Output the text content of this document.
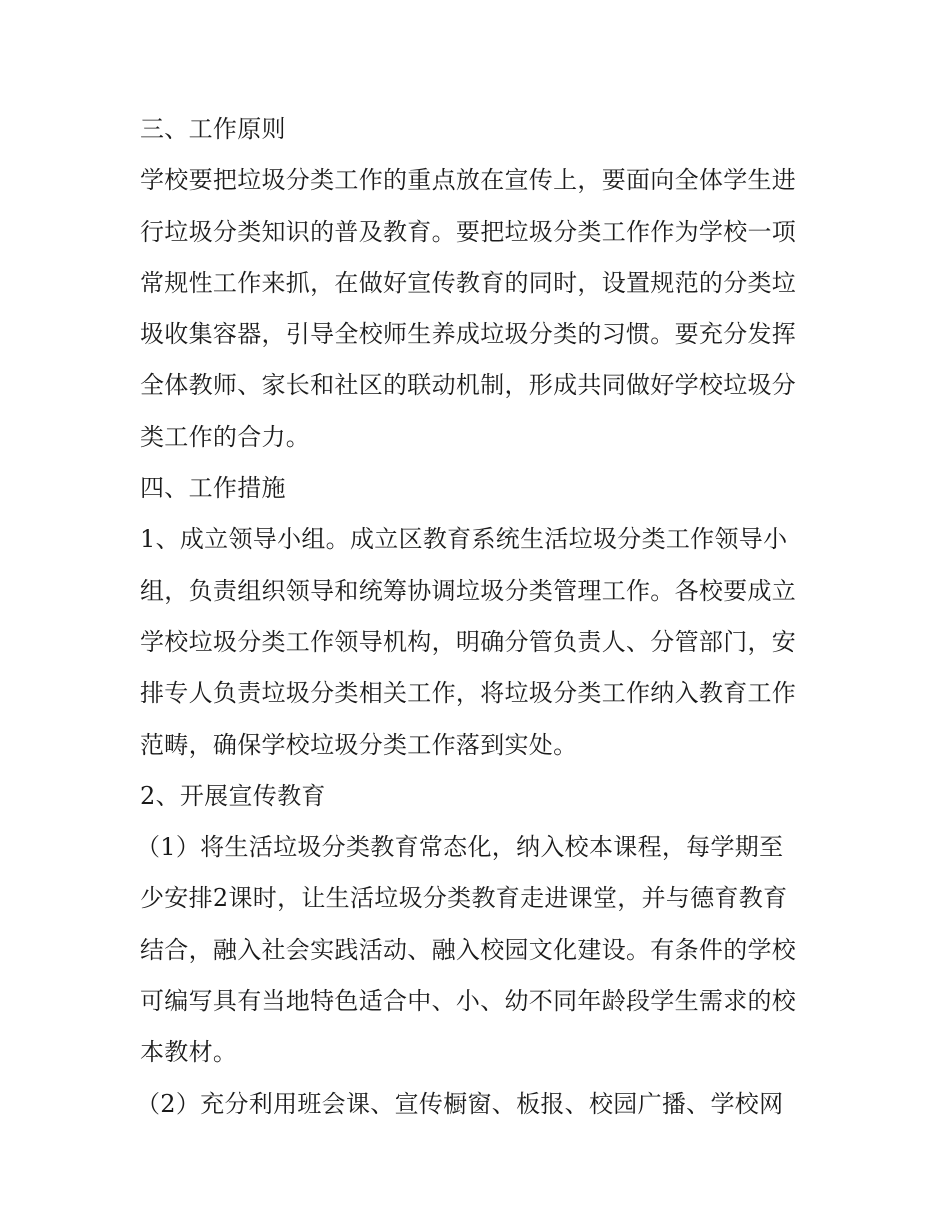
三、工作原则
学校要把垃圾分类工作的重点放在宣传上，要面向全体学生进
行垃圾分类知识的普及教育。要把垃圾分类工作作为学校一项
常规性工作来抓，在做好宣传教育的同时，设置规范的分类垃
圾收集容器，引导全校师生养成垃圾分类的习惯。要充分发挥
全体教师、家长和社区的联动机制，形成共同做好学校垃圾分
类工作的合力。
四、工作措施
1、成立领导小组。成立区教育系统生活垃圾分类工作领导小
组，负责组织领导和统筹协调垃圾分类管理工作。各校要成立
学校垃圾分类工作领导机构，明确分管负责人、分管部门，安
排专人负责垃圾分类相关工作，将垃圾分类工作纳入教育工作
范畴，确保学校垃圾分类工作落到实处。
2、开展宣传教育
（1）将生活垃圾分类教育常态化，纳入校本课程，每学期至
少安排2课时，让生活垃圾分类教育走进课堂，并与德育教育
结合，融入社会实践活动、融入校园文化建设。有条件的学校
可编写具有当地特色适合中、小、幼不同年龄段学生需求的校
本教材。
（2）充分利用班会课、宣传橱窗、板报、校园广播、学校网
